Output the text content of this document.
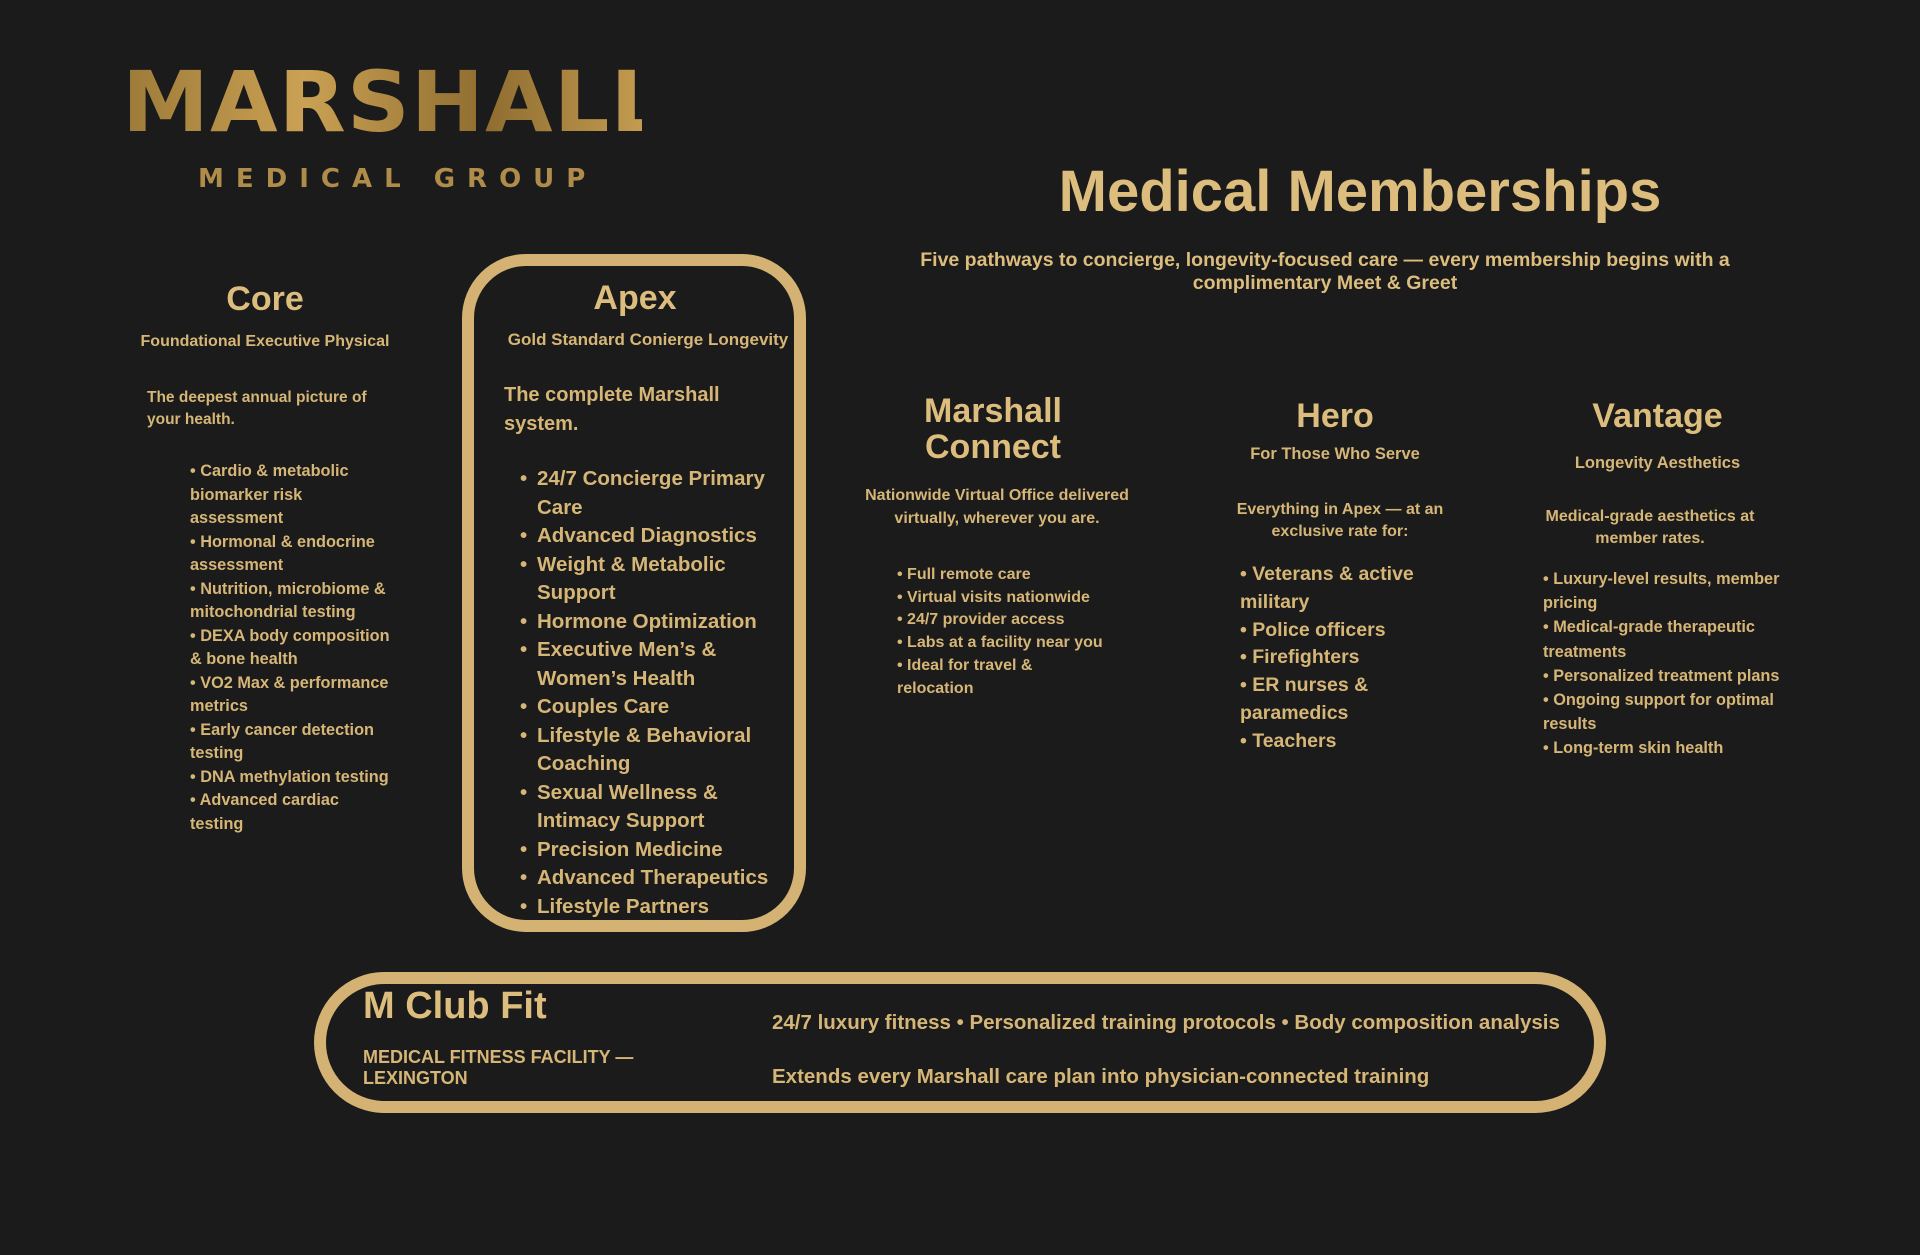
MARSHALL
MEDICAL GROUP	Medical Memberships

Five pathways to concierge, longevity-focused care — every membership begins with a complimentary Meet & Greet

Core

Foundational Executive Physical

The deepest annual picture of your health.

• Cardio & metabolic biomarker risk assessment
• Hormonal & endocrine assessment
• Nutrition, microbiome & mitochondrial testing
• DEXA body composition & bone health
• VO2 Max & performance metrics
• Early cancer detection testing
• DNA methylation testing
• Advanced cardiac testing
Apex

Gold Standard Conierge Longevity

The complete Marshall system.

• 24/7 Concierge Primary Care
• Advanced Diagnostics
• Weight & Metabolic Support
• Hormone Optimization
• Executive Men’s & Women’s Health
• Couples Care
• Lifestyle & Behavioral Coaching
• Sexual Wellness & Intimacy Support
• Precision Medicine
• Advanced Therapeutics
• Lifestyle Partners
Marshall Connect

Nationwide Virtual Office delivered virtually, wherever you are.

• Full remote care
• Virtual visits nationwide
• 24/7 provider access
• Labs at a facility near you
• Ideal for travel & relocation
Hero

For Those Who Serve

Everything in Apex — at an exclusive rate for:

• Veterans & active military
• Police officers
• Firefighters
• ER nurses & paramedics
• Teachers
Vantage

Longevity Aesthetics

Medical-grade aesthetics at member rates.

• Luxury-level results, member pricing
• Medical-grade therapeutic treatments
• Personalized treatment plans
• Ongoing support for optimal results
• Long-term skin health
M Club Fit

MEDICAL FITNESS FACILITY — LEXINGTON

24/7 luxury fitness • Personalized training protocols • Body composition analysis

Extends every Marshall care plan into physician-connected training
